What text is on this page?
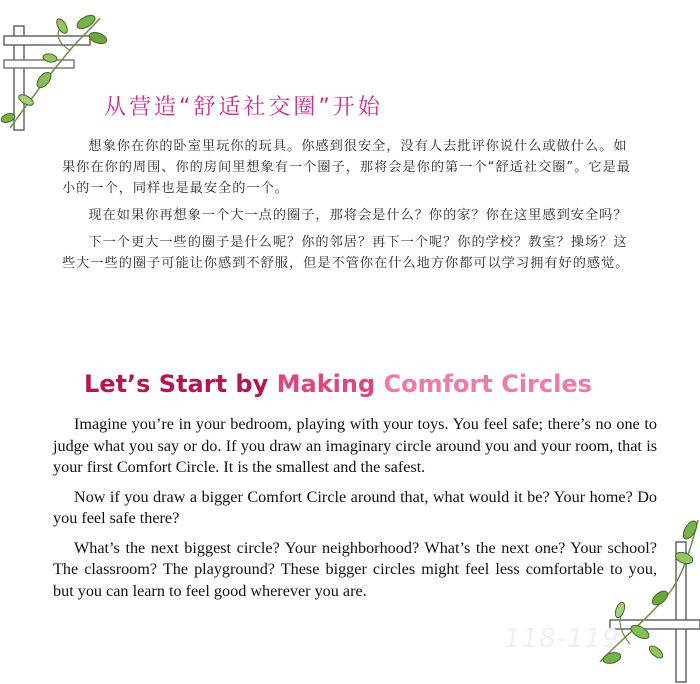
从营造“舒适社交圈”开始

想象你在你的卧室里玩你的玩具。你感到很安全，没有人去批评你说什么或做什么。如果你在你的周围、你的房间里想象有一个圈子，那将会是你的第一个“舒适社交圈”。它是最小的一个，同样也是最安全的一个。

现在如果你再想象一个大一点的圈子，那将会是什么？你的家？你在这里感到安全吗？

下一个更大一些的圈子是什么呢？你的邻居？再下一个呢？你的学校？教室？操场？这些大一些的圈子可能让你感到不舒服，但是不管你在什么地方你都可以学习拥有好的感觉。

Let’s Start by Making Comfort Circles

Imagine you’re in your bedroom, playing with your toys. You feel safe; there’s no one to judge what you say or do. If you draw an imaginary circle around you and your room, that is your first Comfort Circle. It is the smallest and the safest.

Now if you draw a bigger Comfort Circle around that, what would it be? Your home? Do you feel safe there?

What’s the next biggest circle? Your neighborhood? What’s the next one? Your school? The classroom? The playground? These bigger circles might feel less comfortable to you, but you can learn to feel good wherever you are.

118-119
